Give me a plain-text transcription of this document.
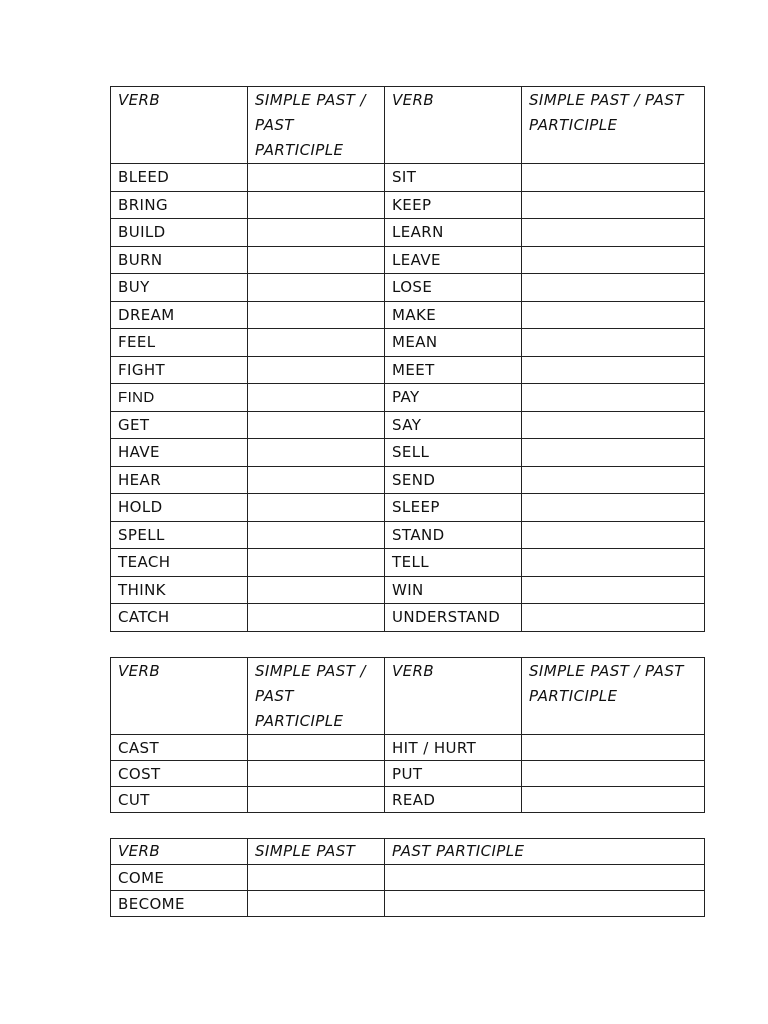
VERB	SIMPLE PAST / PAST PARTICIPLE	VERB	SIMPLE PAST / PAST PARTICIPLE
BLEED		SIT	
BRING		KEEP	
BUILD		LEARN	
BURN		LEAVE	
BUY		LOSE	
DREAM		MAKE	
FEEL		MEAN	
FIGHT		MEET	
FIND		PAY	
GET		SAY	
HAVE		SELL	
HEAR		SEND	
HOLD		SLEEP	
SPELL		STAND	
TEACH		TELL	
THINK		WIN	
CATCH		UNDERSTAND	
VERB	SIMPLE PAST / PAST PARTICIPLE	VERB	SIMPLE PAST / PAST PARTICIPLE
CAST		HIT / HURT	
COST		PUT	
CUT		READ	
VERB	SIMPLE PAST	PAST PARTICIPLE
COME		
BECOME		
